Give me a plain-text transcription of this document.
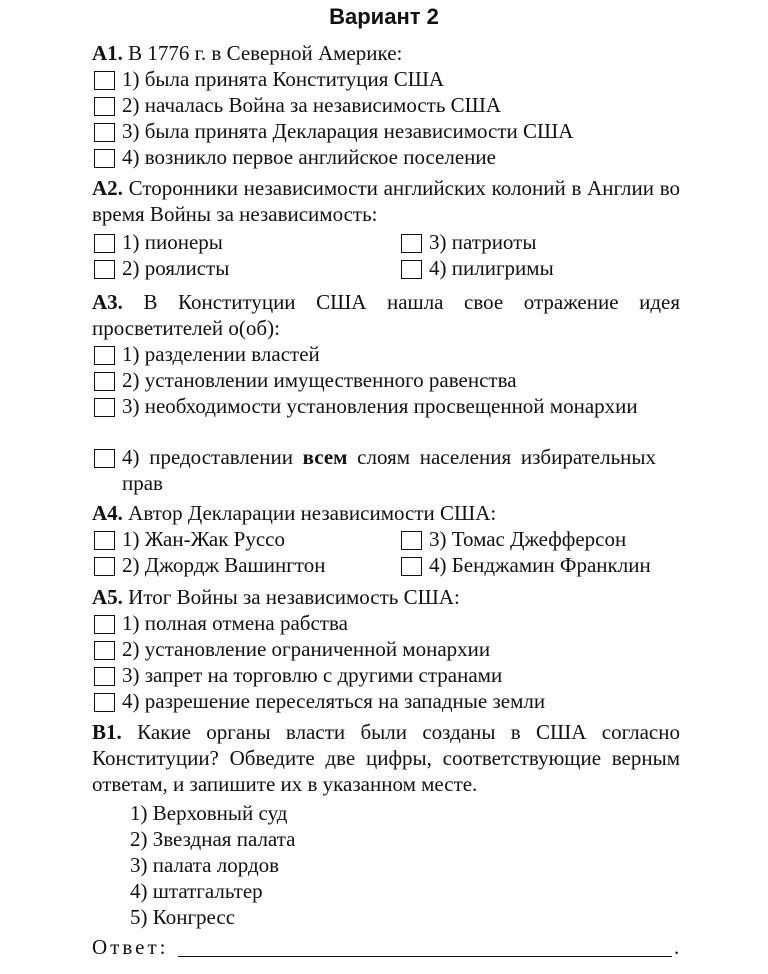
Вариант 2
А1. В 1776 г. в Северной Америке:
1) была принята Конституция США
2) началась Война за независимость США
3) была принята Декларация независимости США
4) возникло первое английское поселение
А2. Сторонники независимости английских колоний в Англии во время Войны за независимость:
1) пионеры	3) патриоты
2) роялисты	4) пилигримы
А3. В Конституции США нашла свое отражение идея просветителей о(об):
1) разделении властей
2) установлении имущественного равенства
3) необходимости установления просвещенной монархии
4) предоставлении всем слоям населения избирательных прав
А4. Автор Декларации независимости США:
1) Жан-Жак Руссо	3) Томас Джефферсон
2) Джордж Вашингтон	4) Бенджамин Франклин
А5. Итог Войны за независимость США:
1) полная отмена рабства
2) установление ограниченной монархии
3) запрет на торговлю с другими странами
4) разрешение переселяться на западные земли
В1. Какие органы власти были созданы в США согласно Конституции? Обведите две цифры, соответствующие верным ответам, и запишите их в указанном месте.
1) Верховный суд
2) Звездная палата
3) палата лордов
4) штатгальтер
5) Конгресс
Ответ:	.
